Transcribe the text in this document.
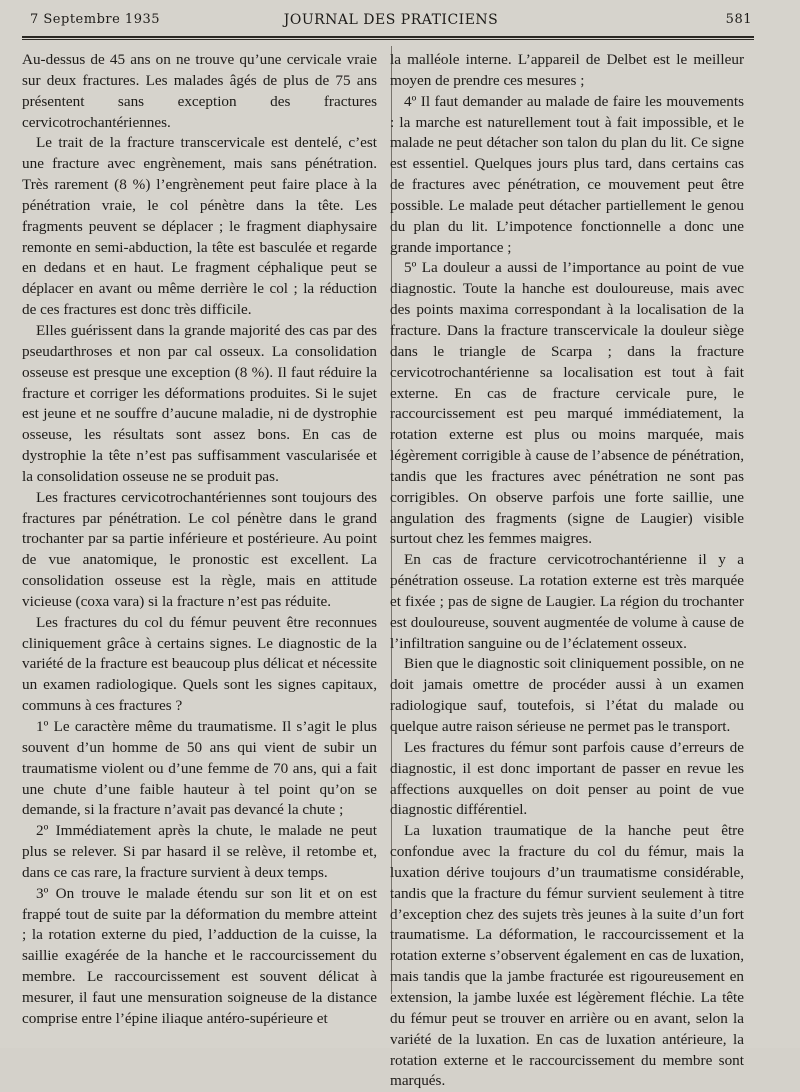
7 Septembre 1935	JOURNAL DES PRATICIENS	581

Au-dessus de 45 ans on ne trouve qu’une cervicale vraie sur deux fractures. Les malades âgés de plus de 75 ans présentent sans exception des fractures cervicotrochantériennes.

Le trait de la fracture transcervicale est dentelé, c’est une fracture avec engrènement, mais sans pénétration. Très rarement (8 %) l’engrènement peut faire place à la pénétration vraie, le col pénètre dans la tête. Les fragments peuvent se déplacer ; le fragment diaphysaire remonte en semi-abduction, la tête est basculée et regarde en dedans et en haut. Le fragment céphalique peut se déplacer en avant ou même derrière le col ; la réduction de ces fractures est donc très difficile.

Elles guérissent dans la grande majorité des cas par des pseudarthroses et non par cal osseux. La consolidation osseuse est presque une exception (8 %). Il faut réduire la fracture et corriger les déformations produites. Si le sujet est jeune et ne souffre d’aucune maladie, ni de dystrophie osseuse, les résultats sont assez bons. En cas de dystrophie la tête n’est pas suffisamment vascularisée et la consolidation osseuse ne se produit pas.

Les fractures cervicotrochantériennes sont toujours des fractures par pénétration. Le col pénètre dans le grand trochanter par sa partie inférieure et postérieure. Au point de vue anatomique, le pronostic est excellent. La consolidation osseuse est la règle, mais en attitude vicieuse (coxa vara) si la fracture n’est pas réduite.

Les fractures du col du fémur peuvent être reconnues cliniquement grâce à certains signes. Le diagnostic de la variété de la fracture est beaucoup plus délicat et nécessite un examen radiologique. Quels sont les signes capitaux, communs à ces fractures ?

1º Le caractère même du traumatisme. Il s’agit le plus souvent d’un homme de 50 ans qui vient de subir un traumatisme violent ou d’une femme de 70 ans, qui a fait une chute d’une faible hauteur à tel point qu’on se demande, si la fracture n’avait pas devancé la chute ;

2º Immédiatement après la chute, le malade ne peut plus se relever. Si par hasard il se relève, il retombe et, dans ce cas rare, la fracture survient à deux temps.

3º On trouve le malade étendu sur son lit et on est frappé tout de suite par la déformation du membre atteint ; la rotation externe du pied, l’adduction de la cuisse, la saillie exagérée de la hanche et le raccourcissement du membre. Le raccourcissement est souvent délicat à mesurer, il faut une mensuration soigneuse de la distance comprise entre l’épine iliaque antéro-supérieure et

la malléole interne. L’appareil de Delbet est le meilleur moyen de prendre ces mesures ;

4º Il faut demander au malade de faire les mouvements : la marche est naturellement tout à fait impossible, et le malade ne peut détacher son talon du plan du lit. Ce signe est essentiel. Quelques jours plus tard, dans certains cas de fractures avec pénétration, ce mouvement peut être possible. Le malade peut détacher partiellement le genou du plan du lit. L’impotence fonctionnelle a donc une grande importance ;

5º La douleur a aussi de l’importance au point de vue diagnostic. Toute la hanche est douloureuse, mais avec des points maxima correspondant à la localisation de la fracture. Dans la fracture transcervicale la douleur siège dans le triangle de Scarpa ; dans la fracture cervicotrochantérienne sa localisation est tout à fait externe. En cas de fracture cervicale pure, le raccourcissement est peu marqué immédiatement, la rotation externe est plus ou moins marquée, mais légèrement corrigible à cause de l’absence de pénétration, tandis que les fractures avec pénétration ne sont pas corrigibles. On observe parfois une forte saillie, une angulation des fragments (signe de Laugier) visible surtout chez les femmes maigres.

En cas de fracture cervicotrochantérienne il y a pénétration osseuse. La rotation externe est très marquée et fixée ; pas de signe de Laugier. La région du trochanter est douloureuse, souvent augmentée de volume à cause de l’infiltration sanguine ou de l’éclatement osseux.

Bien que le diagnostic soit cliniquement possible, on ne doit jamais omettre de procéder aussi à un examen radiologique sauf, toutefois, si l’état du malade ou quelque autre raison sérieuse ne permet pas le transport.

Les fractures du fémur sont parfois cause d’erreurs de diagnostic, il est donc important de passer en revue les affections auxquelles on doit penser au point de vue diagnostic différentiel.

La luxation traumatique de la hanche peut être confondue avec la fracture du col du fémur, mais la luxation dérive toujours d’un traumatisme considérable, tandis que la fracture du fémur survient seulement à titre d’exception chez des sujets très jeunes à la suite d’un fort traumatisme. La déformation, le raccourcissement et la rotation externe s’observent également en cas de luxation, mais tandis que la jambe fracturée est rigoureusement en extension, la jambe luxée est légèrement fléchie. La tête du fémur peut se trouver en arrière ou en avant, selon la variété de la luxation. En cas de luxation antérieure, la rotation externe et le raccourcissement du membre sont marqués.
